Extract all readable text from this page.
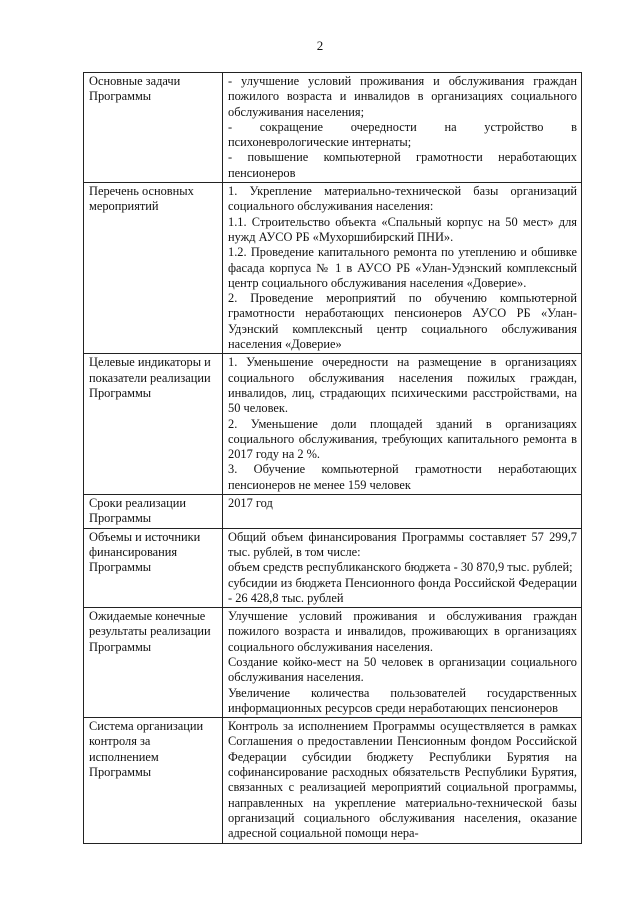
2
Основные задачи Программы	- улучшение условий проживания и обслуживания граждан пожилого возраста и инвалидов в организациях социального обслуживания населения;

- сокращение очередности на устройство в психоневрологические интернаты;

- повышение компьютерной грамотности неработающих пенсионеров

Перечень основных мероприятий	1. Укрепление материально-технической базы организаций социального обслуживания населения:

1.1. Строительство объекта «Спальный корпус на 50 мест» для нужд АУСО РБ «Мухоршибирский ПНИ».

1.2. Проведение капитального ремонта по утеплению и обшивке фасада корпуса № 1 в АУСО РБ «Улан-Удэнский комплексный центр социального обслуживания населения «Доверие».

2. Проведение мероприятий по обучению компьютерной грамотности неработающих пенсионеров АУСО РБ «Улан-Удэнский комплексный центр социального обслуживания населения «Доверие»

Целевые индикаторы и показатели реализации Программы	1. Уменьшение очередности на размещение в организациях социального обслуживания населения пожилых граждан, инвалидов, лиц, страдающих психическими расстройствами, на 50 человек.

2. Уменьшение доли площадей зданий в организациях социального обслуживания, требующих капитального ремонта в 2017 году на 2 %.

3. Обучение компьютерной грамотности неработающих пенсионеров не менее 159 человек

Сроки реализации Программы	2017 год

Объемы и источники финансирования Программы	Общий объем финансирования Программы составляет 57 299,7 тыс. рублей, в том числе:

объем средств республиканского бюджета - 30 870,9 тыс. рублей;

субсидии из бюджета Пенсионного фонда Российской Федерации - 26 428,8 тыс. рублей

Ожидаемые конечные результаты реализации Программы	Улучшение условий проживания и обслуживания граждан пожилого возраста и инвалидов, проживающих в организациях социального обслуживания населения.

Создание койко-мест на 50 человек в организации социального обслуживания населения.

Увеличение количества пользователей государственных информационных ресурсов среди неработающих пенсионеров

Система организации контроля за исполнением Программы	Контроль за исполнением Программы осуществляется в рамках Соглашения о предоставлении Пенсионным фондом Российской Федерации субсидии бюджету Республики Бурятия на софинансирование расходных обязательств Республики Бурятия, связанных с реализацией мероприятий социальной программы, направленных на укрепление материально-технической базы организаций социального обслуживания населения, оказание адресной социальной помощи нера-
